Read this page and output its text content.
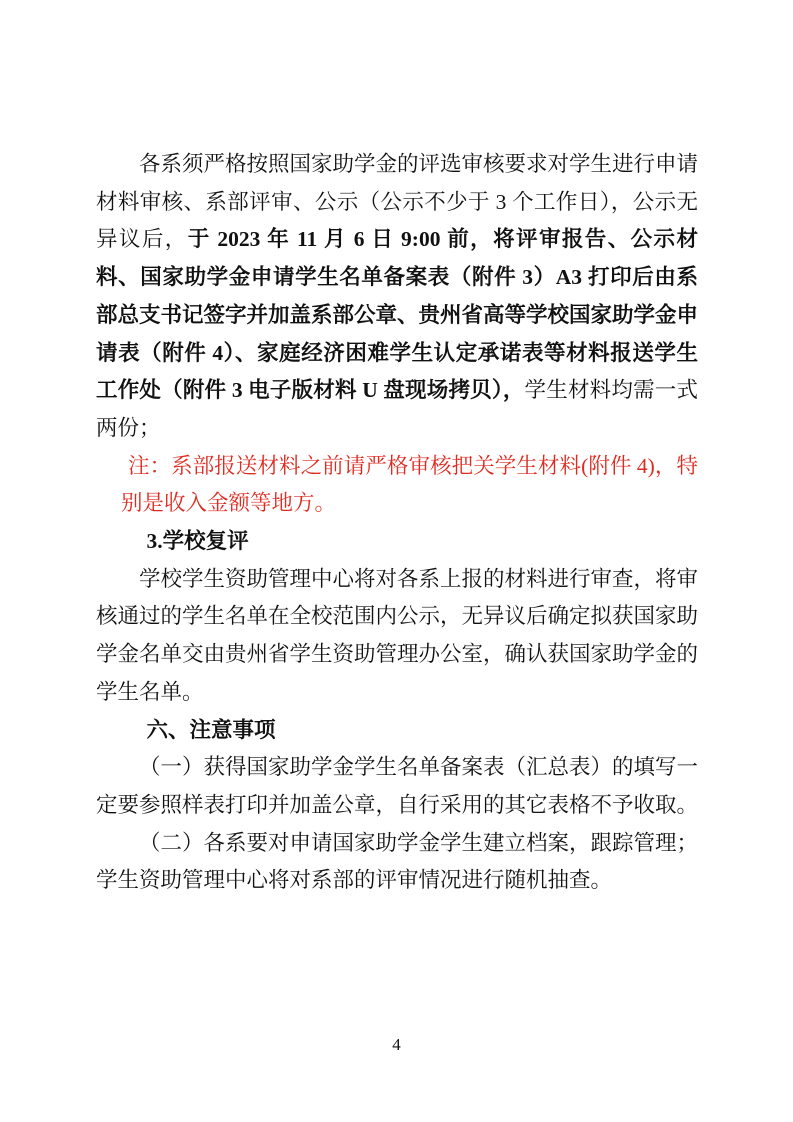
各系须严格按照国家助学金的评选审核要求对学生进行申请材料审核、系部评审、公示（公示不少于 3 个工作日），公示无异议后，于 2023 年 11 月 6 日 9:00 前，将评审报告、公示材料、国家助学金申请学生名单备案表（附件 3）A3 打印后由系部总支书记签字并加盖系部公章、贵州省高等学校国家助学金申请表（附件 4）、家庭经济困难学生认定承诺表等材料报送学生工作处（附件 3 电子版材料 U 盘现场拷贝），学生材料均需一式两份；

注：系部报送材料之前请严格审核把关学生材料(附件 4)，特别是收入金额等地方。

3.学校复评

学校学生资助管理中心将对各系上报的材料进行审查，将审核通过的学生名单在全校范围内公示，无异议后确定拟获国家助学金名单交由贵州省学生资助管理办公室，确认获国家助学金的学生名单。

六、注意事项

（一）获得国家助学金学生名单备案表（汇总表）的填写一定要参照样表打印并加盖公章，自行采用的其它表格不予收取。

（二）各系要对申请国家助学金学生建立档案，跟踪管理；学生资助管理中心将对系部的评审情况进行随机抽查。

4
